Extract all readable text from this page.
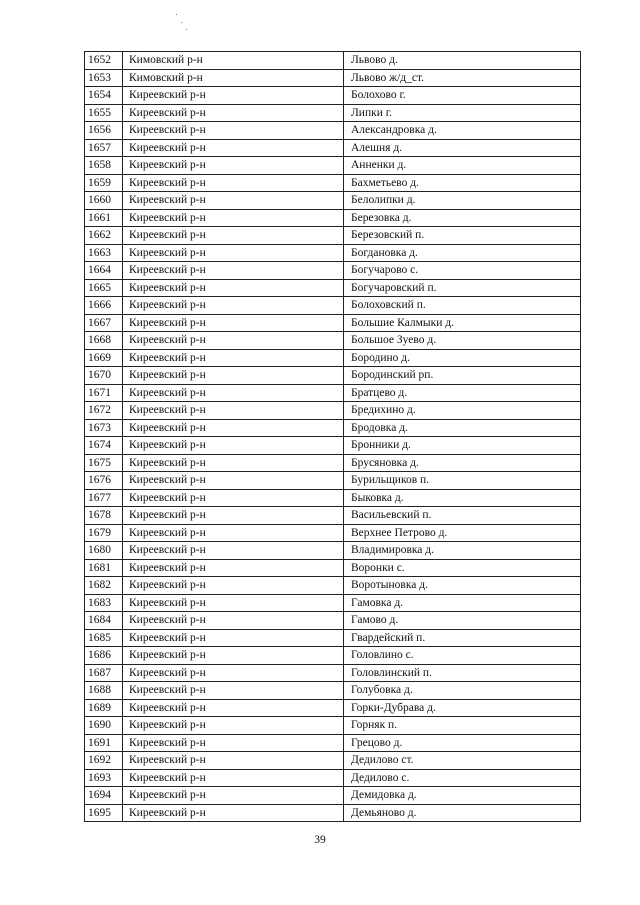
1652	Кимовский р-н	Львово д.
1653	Кимовский р-н	Львово ж/д_ст.
1654	Киреевский р-н	Болохово г.
1655	Киреевский р-н	Липки г.
1656	Киреевский р-н	Александровка д.
1657	Киреевский р-н	Алешня д.
1658	Киреевский р-н	Анненки д.
1659	Киреевский р-н	Бахметьево д.
1660	Киреевский р-н	Белолипки д.
1661	Киреевский р-н	Березовка д.
1662	Киреевский р-н	Березовский п.
1663	Киреевский р-н	Богдановка д.
1664	Киреевский р-н	Богучарово с.
1665	Киреевский р-н	Богучаровский п.
1666	Киреевский р-н	Болоховский п.
1667	Киреевский р-н	Большие Калмыки д.
1668	Киреевский р-н	Большое Зуево д.
1669	Киреевский р-н	Бородино д.
1670	Киреевский р-н	Бородинский рп.
1671	Киреевский р-н	Братцево д.
1672	Киреевский р-н	Бредихино д.
1673	Киреевский р-н	Бродовка д.
1674	Киреевский р-н	Бронники д.
1675	Киреевский р-н	Брусяновка д.
1676	Киреевский р-н	Бурильщиков п.
1677	Киреевский р-н	Быковка д.
1678	Киреевский р-н	Васильевский п.
1679	Киреевский р-н	Верхнее Петрово д.
1680	Киреевский р-н	Владимировка д.
1681	Киреевский р-н	Воронки с.
1682	Киреевский р-н	Воротыновка д.
1683	Киреевский р-н	Гамовка д.
1684	Киреевский р-н	Гамово д.
1685	Киреевский р-н	Гвардейский п.
1686	Киреевский р-н	Головлино с.
1687	Киреевский р-н	Головлинский п.
1688	Киреевский р-н	Голубовка д.
1689	Киреевский р-н	Горки-Дубрава д.
1690	Киреевский р-н	Горняк п.
1691	Киреевский р-н	Грецово д.
1692	Киреевский р-н	Дедилово ст.
1693	Киреевский р-н	Дедилово с.
1694	Киреевский р-н	Демидовка д.
1695	Киреевский р-н	Демьяново д.
39
